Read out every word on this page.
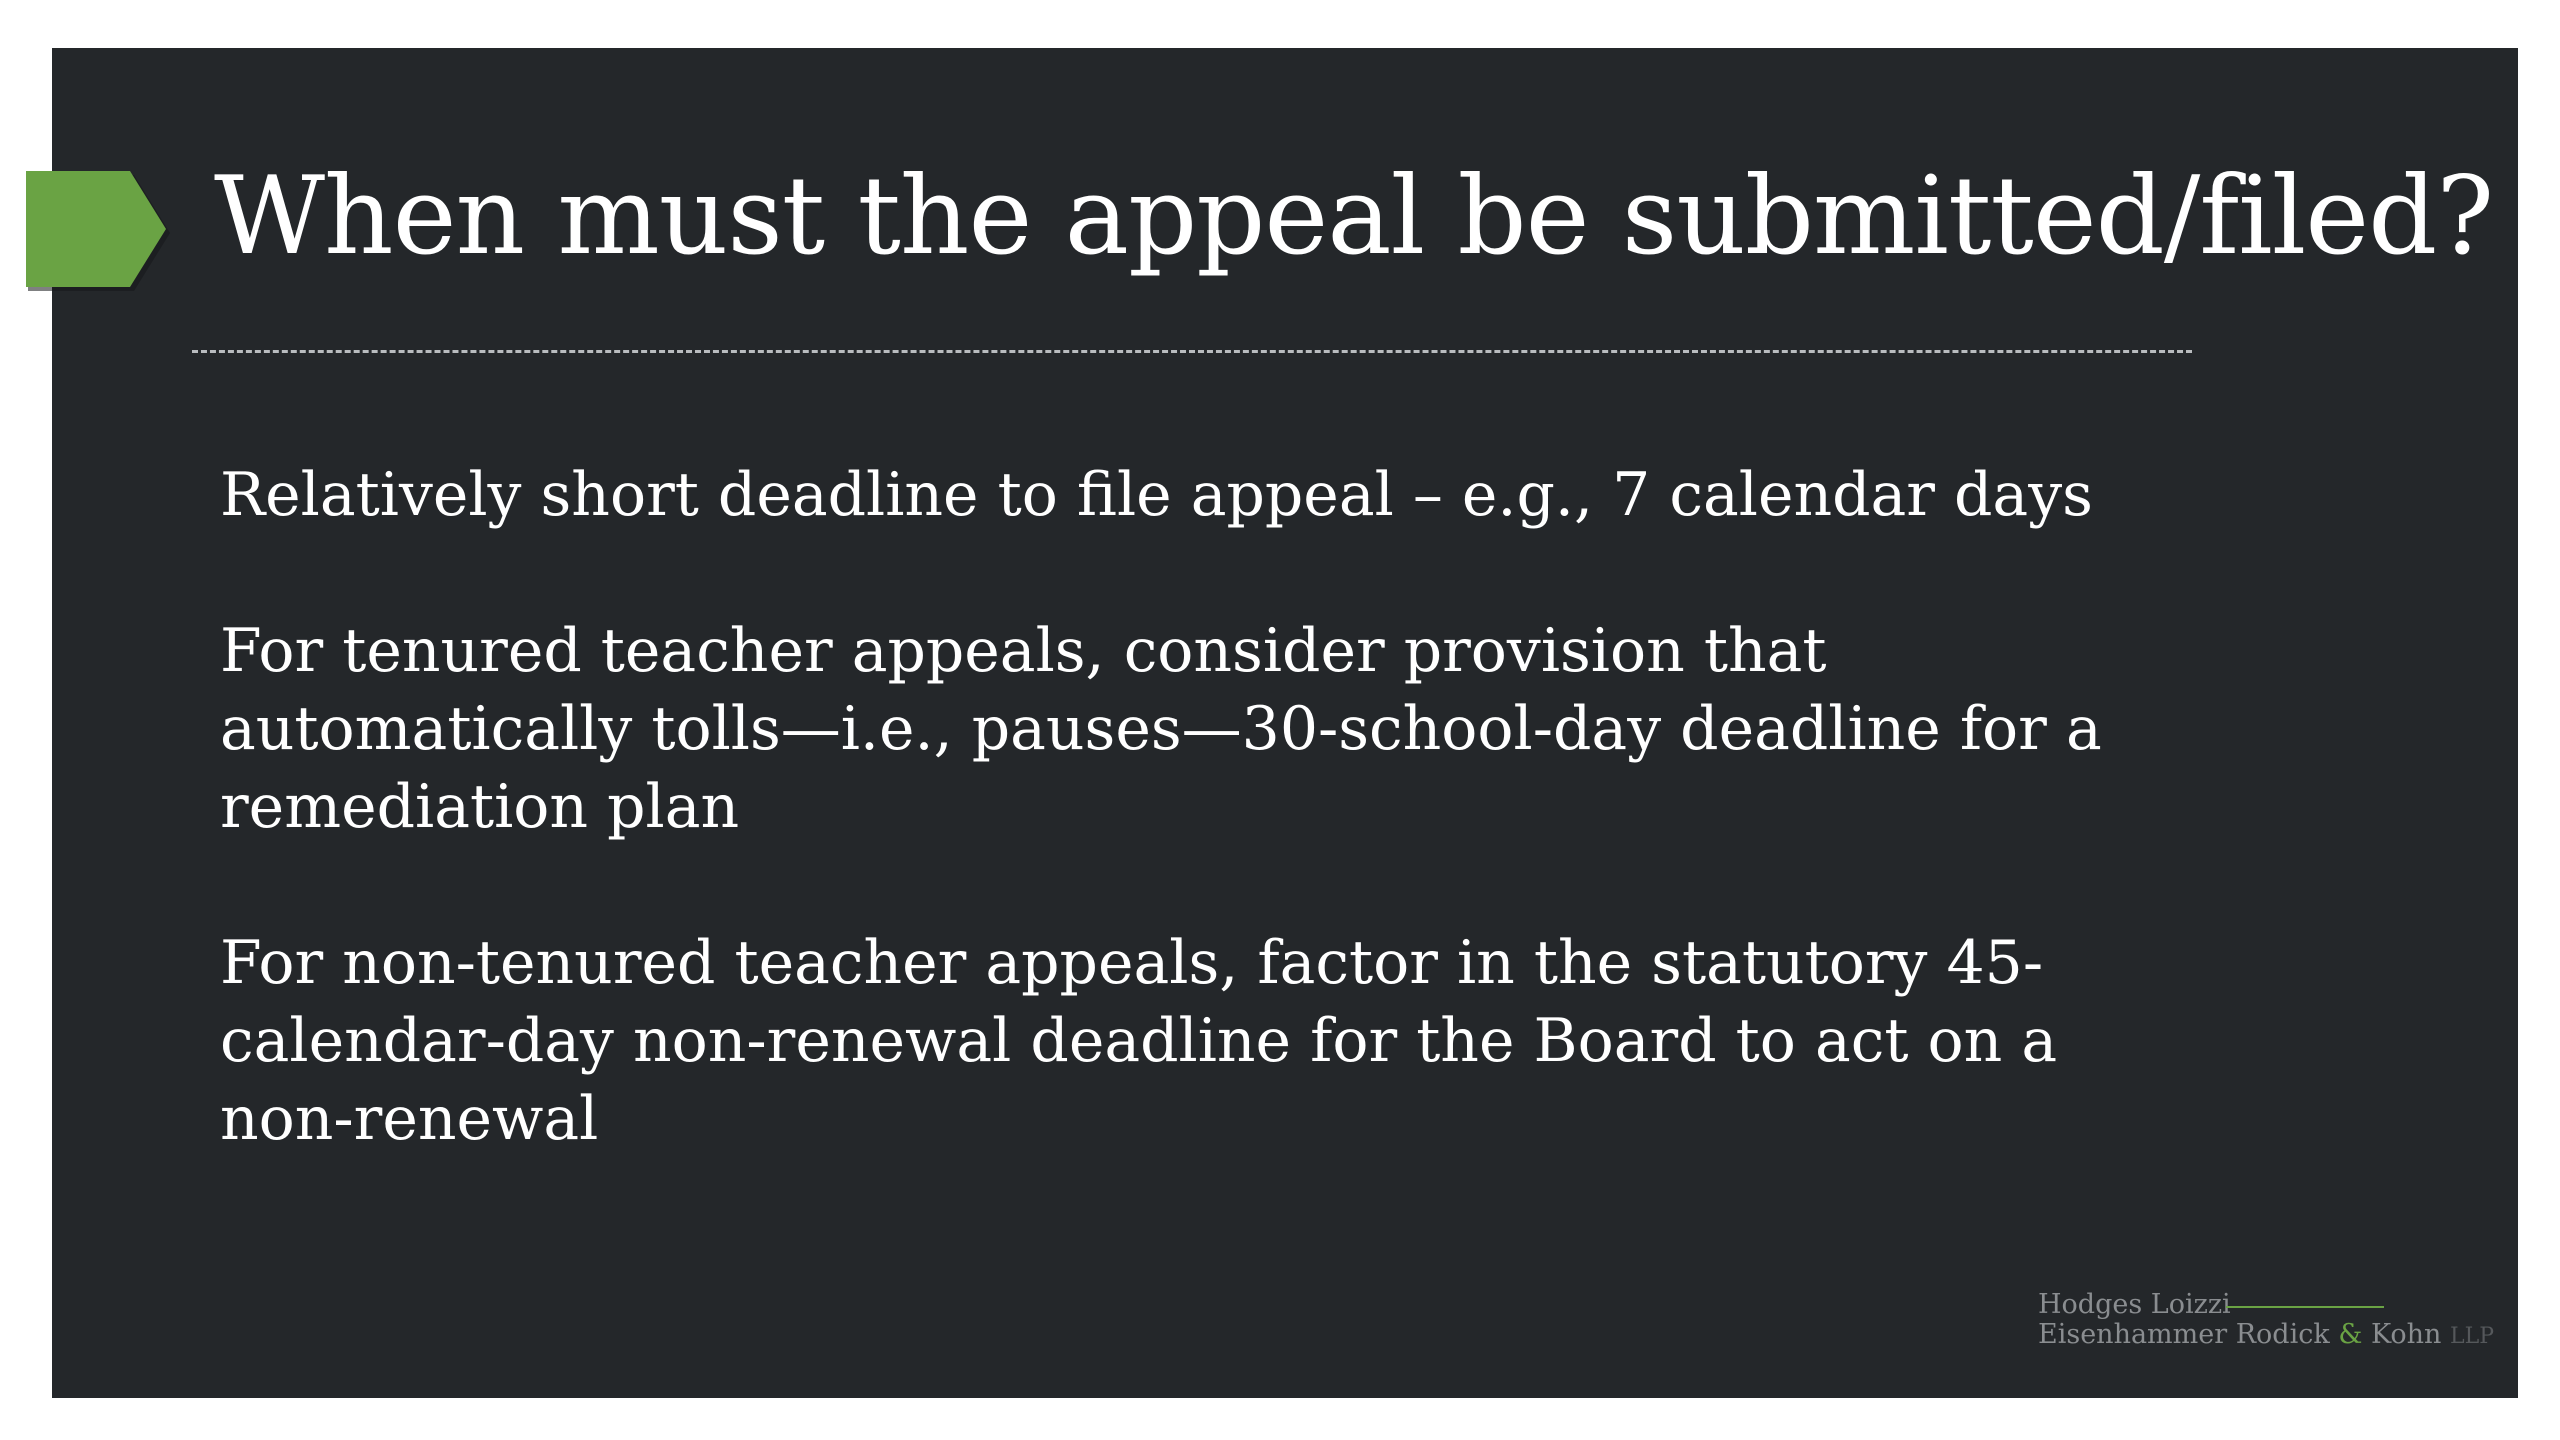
When must the appeal be submitted/filed?

Relatively short deadline to file appeal – e.g., 7 calendar days

For tenured teacher appeals, consider provision that
automatically tolls—i.e., pauses—30-school-day deadline for a
remediation plan

For non-tenured teacher appeals, factor in the statutory 45-
calendar-day non-renewal deadline for the Board to act on a
non-renewal

Hodges Loizzi
Eisenhammer Rodick & Kohn LLP
